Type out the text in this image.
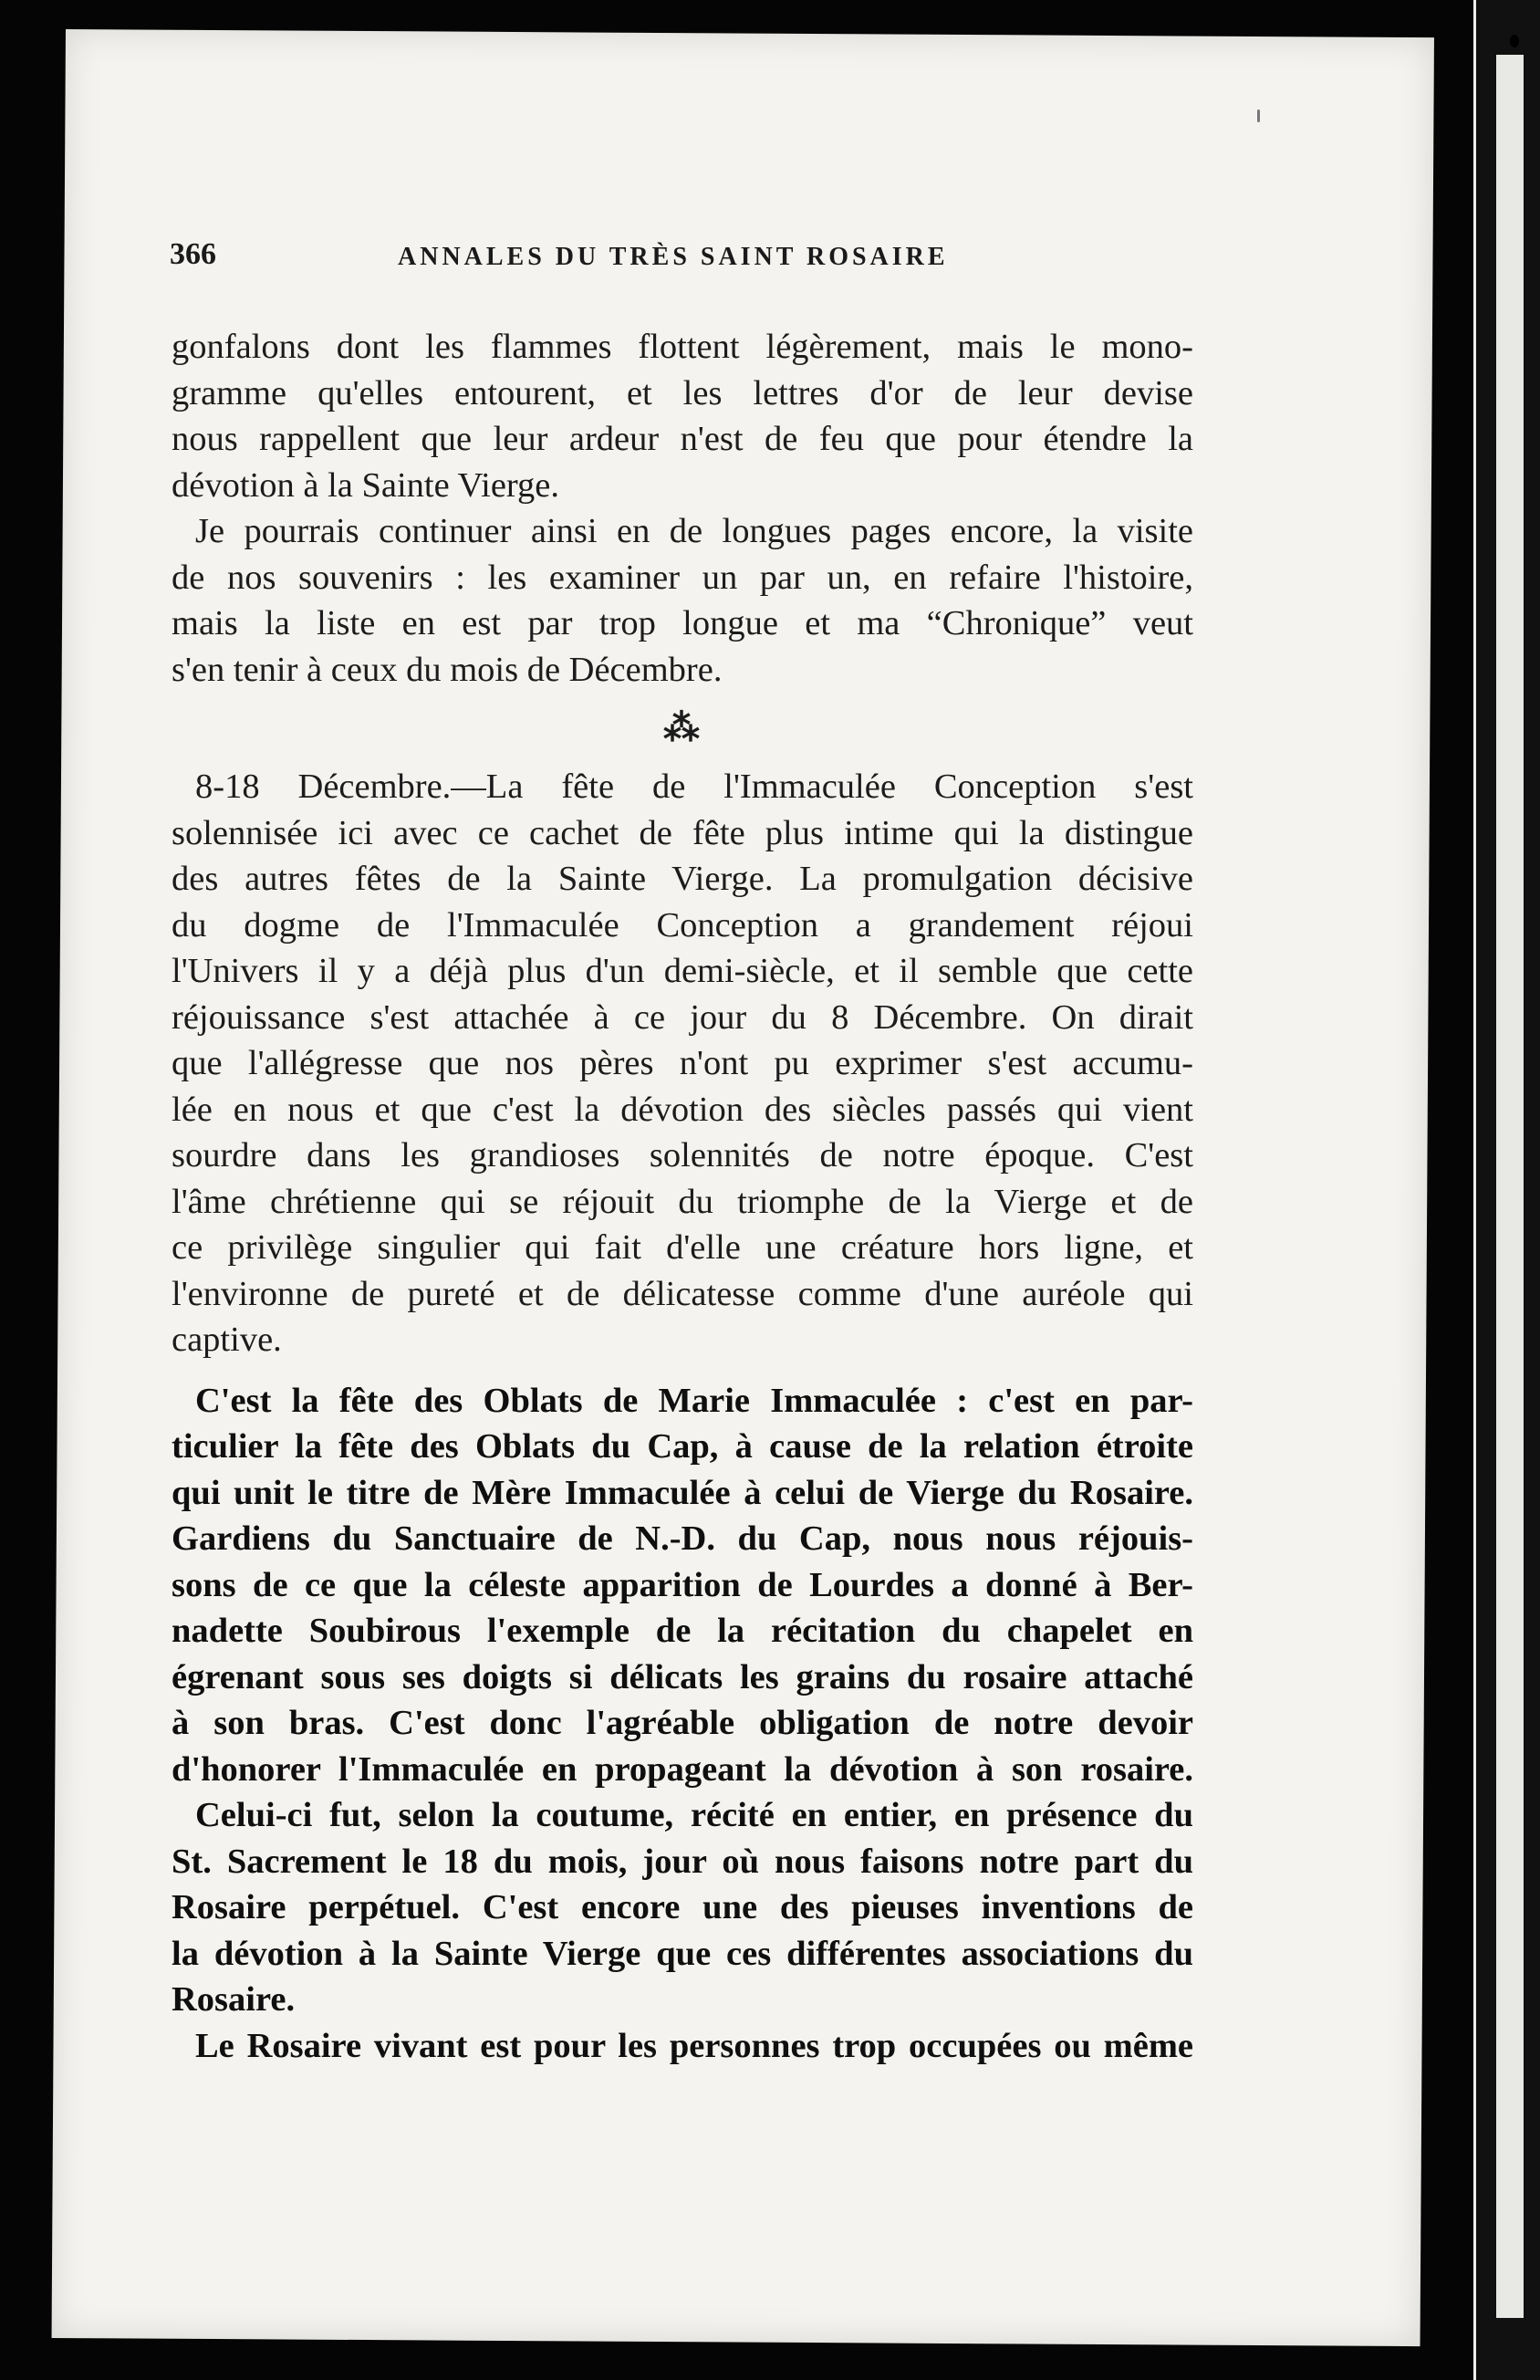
366	ANNALES DU TRÈS SAINT ROSAIRE
gonfalons dont les flammes flottent légèrement, mais le mono-
gramme qu'elles entourent, et les lettres d'or de leur devise
nous rappellent que leur ardeur n'est de feu que pour étendre la
dévotion à la Sainte Vierge.
Je pourrais continuer ainsi en de longues pages encore, la visite
de nos souvenirs : les examiner un par un, en refaire l'histoire,
mais la liste en est par trop longue et ma “Chronique” veut
s'en tenir à ceux du mois de Décembre.
⁂
8-18 Décembre.—La fête de l'Immaculée Conception s'est
solennisée ici avec ce cachet de fête plus intime qui la distingue
des autres fêtes de la Sainte Vierge. La promulgation décisive
du dogme de l'Immaculée Conception a grandement réjoui
l'Univers il y a déjà plus d'un demi-siècle, et il semble que cette
réjouissance s'est attachée à ce jour du 8 Décembre. On dirait
que l'allégresse que nos pères n'ont pu exprimer s'est accumu-
lée en nous et que c'est la dévotion des siècles passés qui vient
sourdre dans les grandioses solennités de notre époque. C'est
l'âme chrétienne qui se réjouit du triomphe de la Vierge et de
ce privilège singulier qui fait d'elle une créature hors ligne, et
l'environne de pureté et de délicatesse comme d'une auréole qui
captive.
C'est la fête des Oblats de Marie Immaculée : c'est en par-
ticulier la fête des Oblats du Cap, à cause de la relation étroite
qui unit le titre de Mère Immaculée à celui de Vierge du Rosaire.
Gardiens du Sanctuaire de N.-D. du Cap, nous nous réjouis-
sons de ce que la céleste apparition de Lourdes a donné à Ber-
nadette Soubirous l'exemple de la récitation du chapelet en
égrenant sous ses doigts si délicats les grains du rosaire attaché
à son bras. C'est donc l'agréable obligation de notre devoir
d'honorer l'Immaculée en propageant la dévotion à son rosaire.
Celui-ci fut, selon la coutume, récité en entier, en présence du
St. Sacrement le 18 du mois, jour où nous faisons notre part du
Rosaire perpétuel. C'est encore une des pieuses inventions de
la dévotion à la Sainte Vierge que ces différentes associations du
Rosaire.
Le Rosaire vivant est pour les personnes trop occupées ou même
